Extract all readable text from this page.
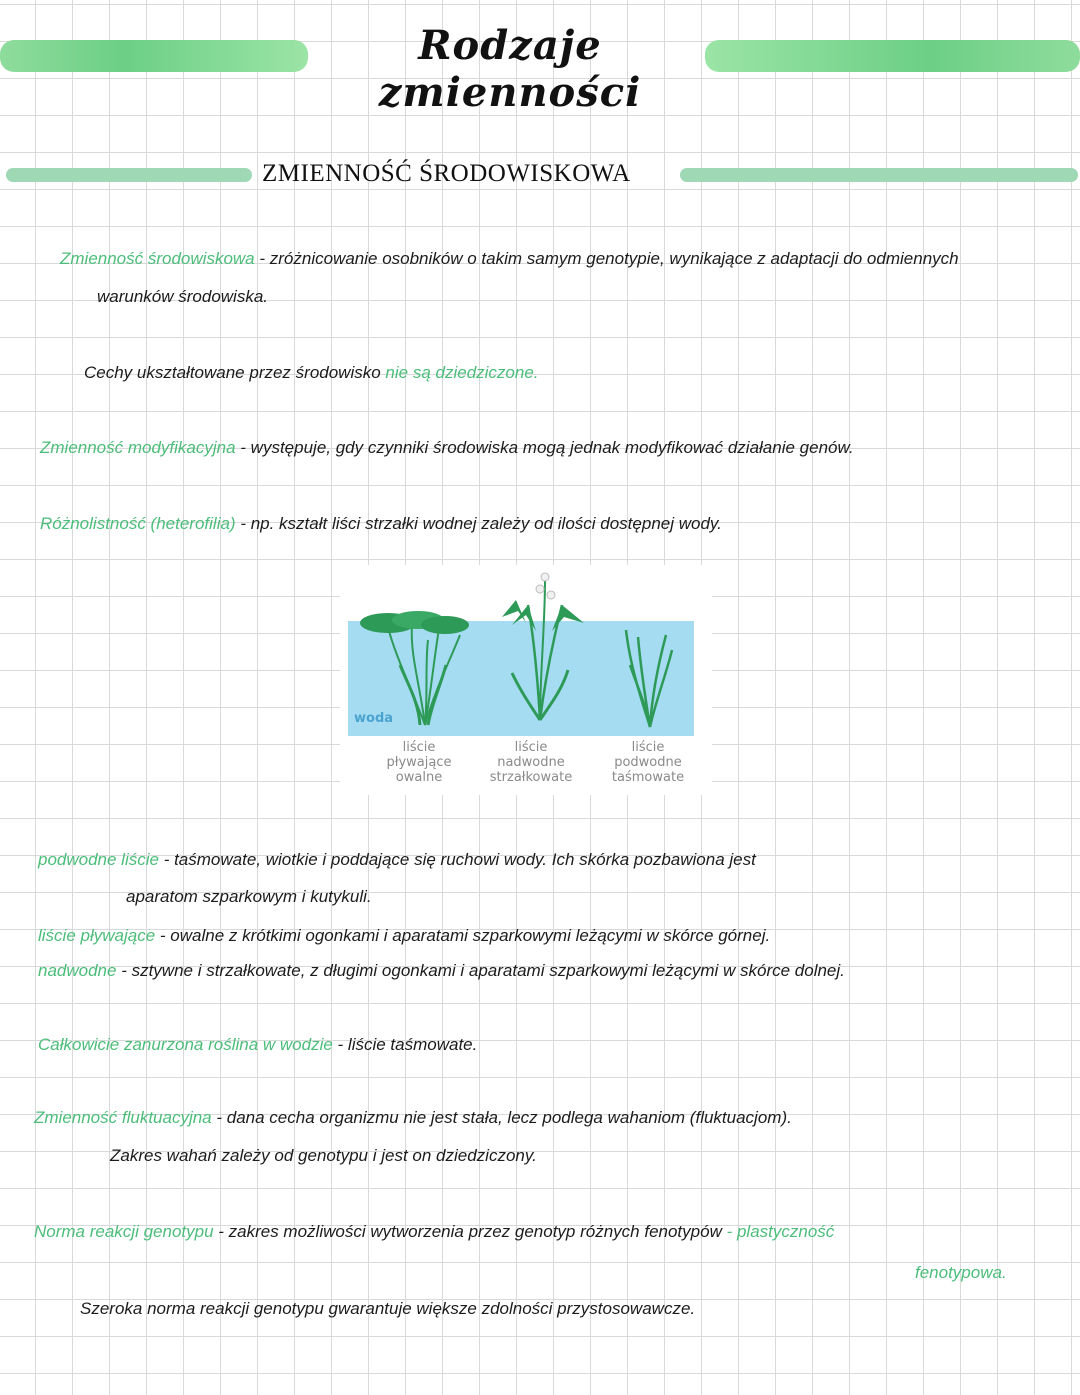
Rodzaje zmienności
ZMIENNOŚĆ ŚRODOWISKOWA
Zmienność środowiskowa - zróżnicowanie osobników o takim samym genotypie, wynikające z adaptacji do odmiennych
warunków środowiska.
Cechy ukształtowane przez środowisko nie są dziedziczone.
Zmienność modyfikacyjna - występuje, gdy czynniki środowiska mogą jednak modyfikować działanie genów.
Różnolistność (heterofilia) - np. kształt liści strzałki wodnej zależy od ilości dostępnej wody.
woda
liście
pływające
owalne
liście
nadwodne
strzałkowate
liście
podwodne
taśmowate
podwodne liście - taśmowate, wiotkie i poddające się ruchowi wody. Ich skórka pozbawiona jest
aparatom szparkowym i kutykuli.
liście pływające - owalne z krótkimi ogonkami i aparatami szparkowymi leżącymi w skórce górnej.
nadwodne - sztywne i strzałkowate, z długimi ogonkami i aparatami szparkowymi leżącymi w skórce dolnej.
Całkowicie zanurzona roślina w wodzie - liście taśmowate.
Zmienność fluktuacyjna - dana cecha organizmu nie jest stała, lecz podlega wahaniom (fluktuacjom).
Zakres wahań zależy od genotypu i jest on dziedziczony.
Norma reakcji genotypu - zakres możliwości wytworzenia przez genotyp różnych fenotypów - plastyczność
fenotypowa.
Szeroka norma reakcji genotypu gwarantuje większe zdolności przystosowawcze.
